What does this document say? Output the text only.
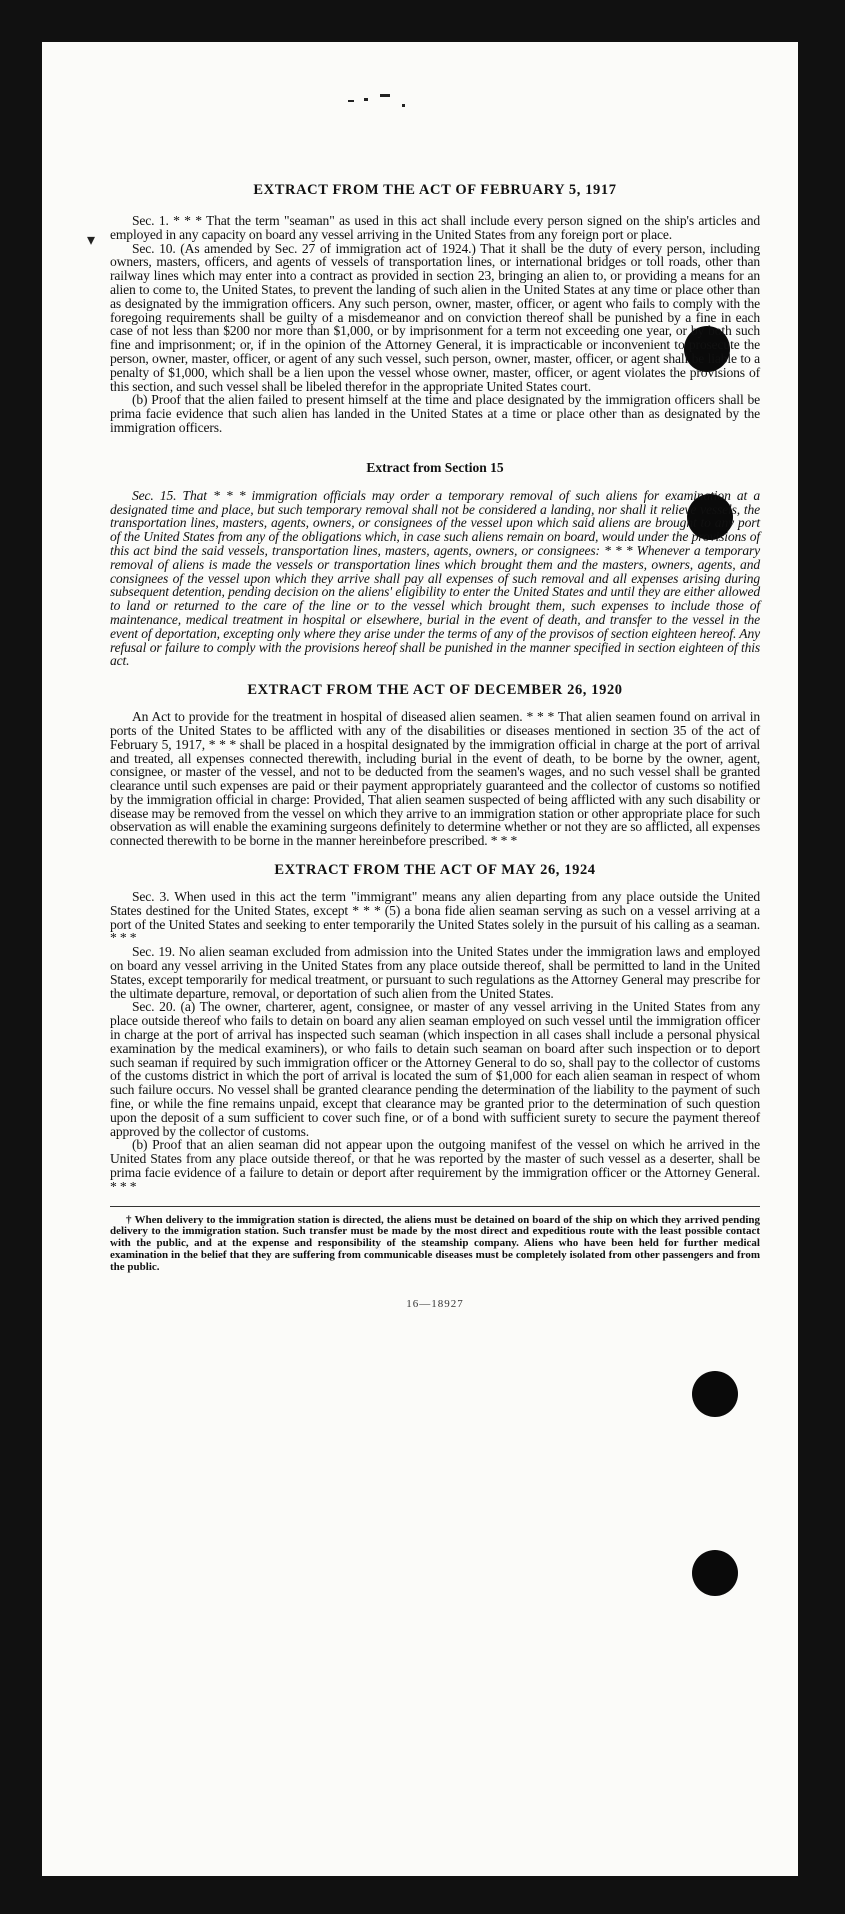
▾
EXTRACT FROM THE ACT OF FEBRUARY 5, 1917

Sec. 1. * * * That the term "seaman" as used in this act shall include every person signed on the ship's articles and employed in any capacity on board any vessel arriving in the United States from any foreign port or place.

Sec. 10. (As amended by Sec. 27 of immigration act of 1924.) That it shall be the duty of every person, including owners, masters, officers, and agents of vessels of transportation lines, or international bridges or toll roads, other than railway lines which may enter into a contract as provided in section 23, bringing an alien to, or providing a means for an alien to come to, the United States, to prevent the landing of such alien in the United States at any time or place other than as designated by the immigration officers. Any such person, owner, master, officer, or agent who fails to comply with the foregoing requirements shall be guilty of a misdemeanor and on conviction thereof shall be punished by a fine in each case of not less than $200 nor more than $1,000, or by imprisonment for a term not exceeding one year, or by both such fine and imprisonment; or, if in the opinion of the Attorney General, it is impracticable or inconvenient to prosecute the person, owner, master, officer, or agent of any such vessel, such person, owner, master, officer, or agent shall be liable to a penalty of $1,000, which shall be a lien upon the vessel whose owner, master, officer, or agent violates the provisions of this section, and such vessel shall be libeled therefor in the appropriate United States court.

(b) Proof that the alien failed to present himself at the time and place designated by the immigration officers shall be prima facie evidence that such alien has landed in the United States at a time or place other than as designated by the immigration officers.

Extract from Section 15

Sec. 15. That * * * immigration officials may order a temporary removal of such aliens for examination at a designated time and place, but such temporary removal shall not be considered a landing, nor shall it relieve vessels, the transportation lines, masters, agents, owners, or consignees of the vessel upon which said aliens are brought to any port of the United States from any of the obligations which, in case such aliens remain on board, would under the provisions of this act bind the said vessels, transportation lines, masters, agents, owners, or consignees: * * * Whenever a temporary removal of aliens is made the vessels or transportation lines which brought them and the masters, owners, agents, and consignees of the vessel upon which they arrive shall pay all expenses of such removal and all expenses arising during subsequent detention, pending decision on the aliens' eligibility to enter the United States and until they are either allowed to land or returned to the care of the line or to the vessel which brought them, such expenses to include those of maintenance, medical treatment in hospital or elsewhere, burial in the event of death, and transfer to the vessel in the event of deportation, excepting only where they arise under the terms of any of the provisos of section eighteen hereof. Any refusal or failure to comply with the provisions hereof shall be punished in the manner specified in section eighteen of this act.

EXTRACT FROM THE ACT OF DECEMBER 26, 1920

An Act to provide for the treatment in hospital of diseased alien seamen. * * * That alien seamen found on arrival in ports of the United States to be afflicted with any of the disabilities or diseases mentioned in section 35 of the act of February 5, 1917, * * * shall be placed in a hospital designated by the immigration official in charge at the port of arrival and treated, all expenses connected therewith, including burial in the event of death, to be borne by the owner, agent, consignee, or master of the vessel, and not to be deducted from the seamen's wages, and no such vessel shall be granted clearance until such expenses are paid or their payment appropriately guaranteed and the collector of customs so notified by the immigration official in charge: Provided, That alien seamen suspected of being afflicted with any such disability or disease may be removed from the vessel on which they arrive to an immigration station or other appropriate place for such observation as will enable the examining surgeons definitely to determine whether or not they are so afflicted, all expenses connected therewith to be borne in the manner hereinbefore prescribed. * * *

EXTRACT FROM THE ACT OF MAY 26, 1924

Sec. 3. When used in this act the term "immigrant" means any alien departing from any place outside the United States destined for the United States, except * * * (5) a bona fide alien seaman serving as such on a vessel arriving at a port of the United States and seeking to enter temporarily the United States solely in the pursuit of his calling as a seaman. * * *

Sec. 19. No alien seaman excluded from admission into the United States under the immigration laws and employed on board any vessel arriving in the United States from any place outside thereof, shall be permitted to land in the United States, except temporarily for medical treatment, or pursuant to such regulations as the Attorney General may prescribe for the ultimate departure, removal, or deportation of such alien from the United States.

Sec. 20. (a) The owner, charterer, agent, consignee, or master of any vessel arriving in the United States from any place outside thereof who fails to detain on board any alien seaman employed on such vessel until the immigration officer in charge at the port of arrival has inspected such seaman (which inspection in all cases shall include a personal physical examination by the medical examiners), or who fails to detain such seaman on board after such inspection or to deport such seaman if required by such immigration officer or the Attorney General to do so, shall pay to the collector of customs of the customs district in which the port of arrival is located the sum of $1,000 for each alien seaman in respect of whom such failure occurs. No vessel shall be granted clearance pending the determination of the liability to the payment of such fine, or while the fine remains unpaid, except that clearance may be granted prior to the determination of such question upon the deposit of a sum sufficient to cover such fine, or of a bond with sufficient surety to secure the payment thereof approved by the collector of customs.

(b) Proof that an alien seaman did not appear upon the outgoing manifest of the vessel on which he arrived in the United States from any place outside thereof, or that he was reported by the master of such vessel as a deserter, shall be prima facie evidence of a failure to detain or deport after requirement by the immigration officer or the Attorney General. * * *

† When delivery to the immigration station is directed, the aliens must be detained on board of the ship on which they arrived pending delivery to the immigration station. Such transfer must be made by the most direct and expeditious route with the least possible contact with the public, and at the expense and responsibility of the steamship company. Aliens who have been held for further medical examination in the belief that they are suffering from communicable diseases must be completely isolated from other passengers and from the public.

16—18927
